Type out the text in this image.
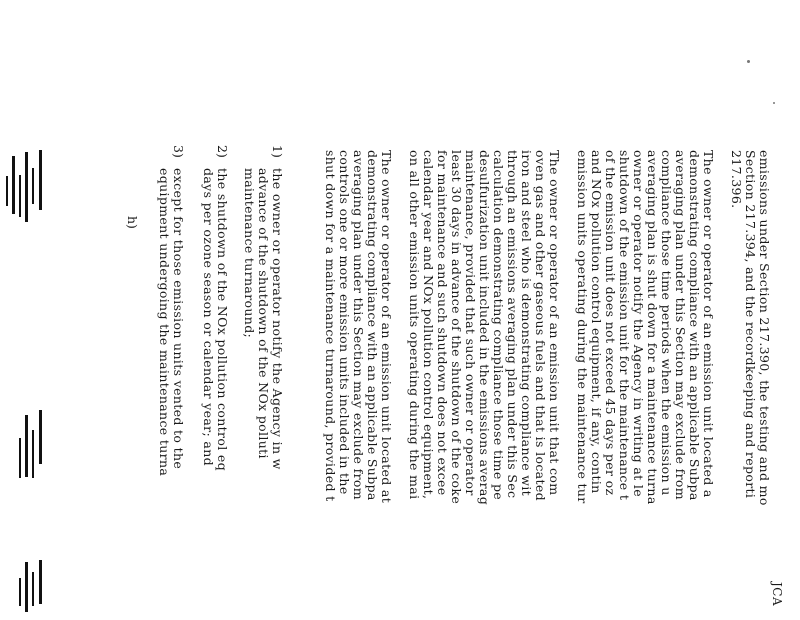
JCA
emissions under Section 217.390, the testing and mo
Section 217.394, and the recordkeeping and reporti
217.396.
The owner or operator of an emission unit located a
demonstrating compliance with an applicable Subpa
averaging plan under this Section may exclude from
compliance those time periods when the emission u
averaging plan is shut down for a maintenance turna
owner or operator notify the Agency in writing at le
shutdown of the emission unit for the maintenance t
of the emission unit does not exceed 45 days per oz
and NOx pollution control equipment, if any, contin
emission units operating during the maintenance tur
The owner or operator of an emission unit that com
oven gas and other gaseous fuels and that is located
iron and steel who is demonstrating compliance wit
through an emissions averaging plan under this Sec
calculation demonstrating compliance those time pe
desulfurization unit included in the emissions averag
maintenance, provided that such owner or operator
least 30 days in advance of the shutdown of the coke
for maintenance and such shutdown does not excee
calendar year and NOx pollution control equipment,
on all other emission units operating during the mai
The owner or operator of an emission unit located at
demonstrating compliance with an applicable Subpa
averaging plan under this Section may exclude from
controls one or more emission units included in the
shut down for a maintenance turnaround, provided t
1)
the owner or operator notify the Agency in w
advance of the shutdown of the NOx polluti
maintenance turnaround;
2)
the shutdown of the NOx pollution control eq
days per ozone season or calendar year; and
3)
except for those emission units vented to the
equipment undergoing the maintenance turna
h)
